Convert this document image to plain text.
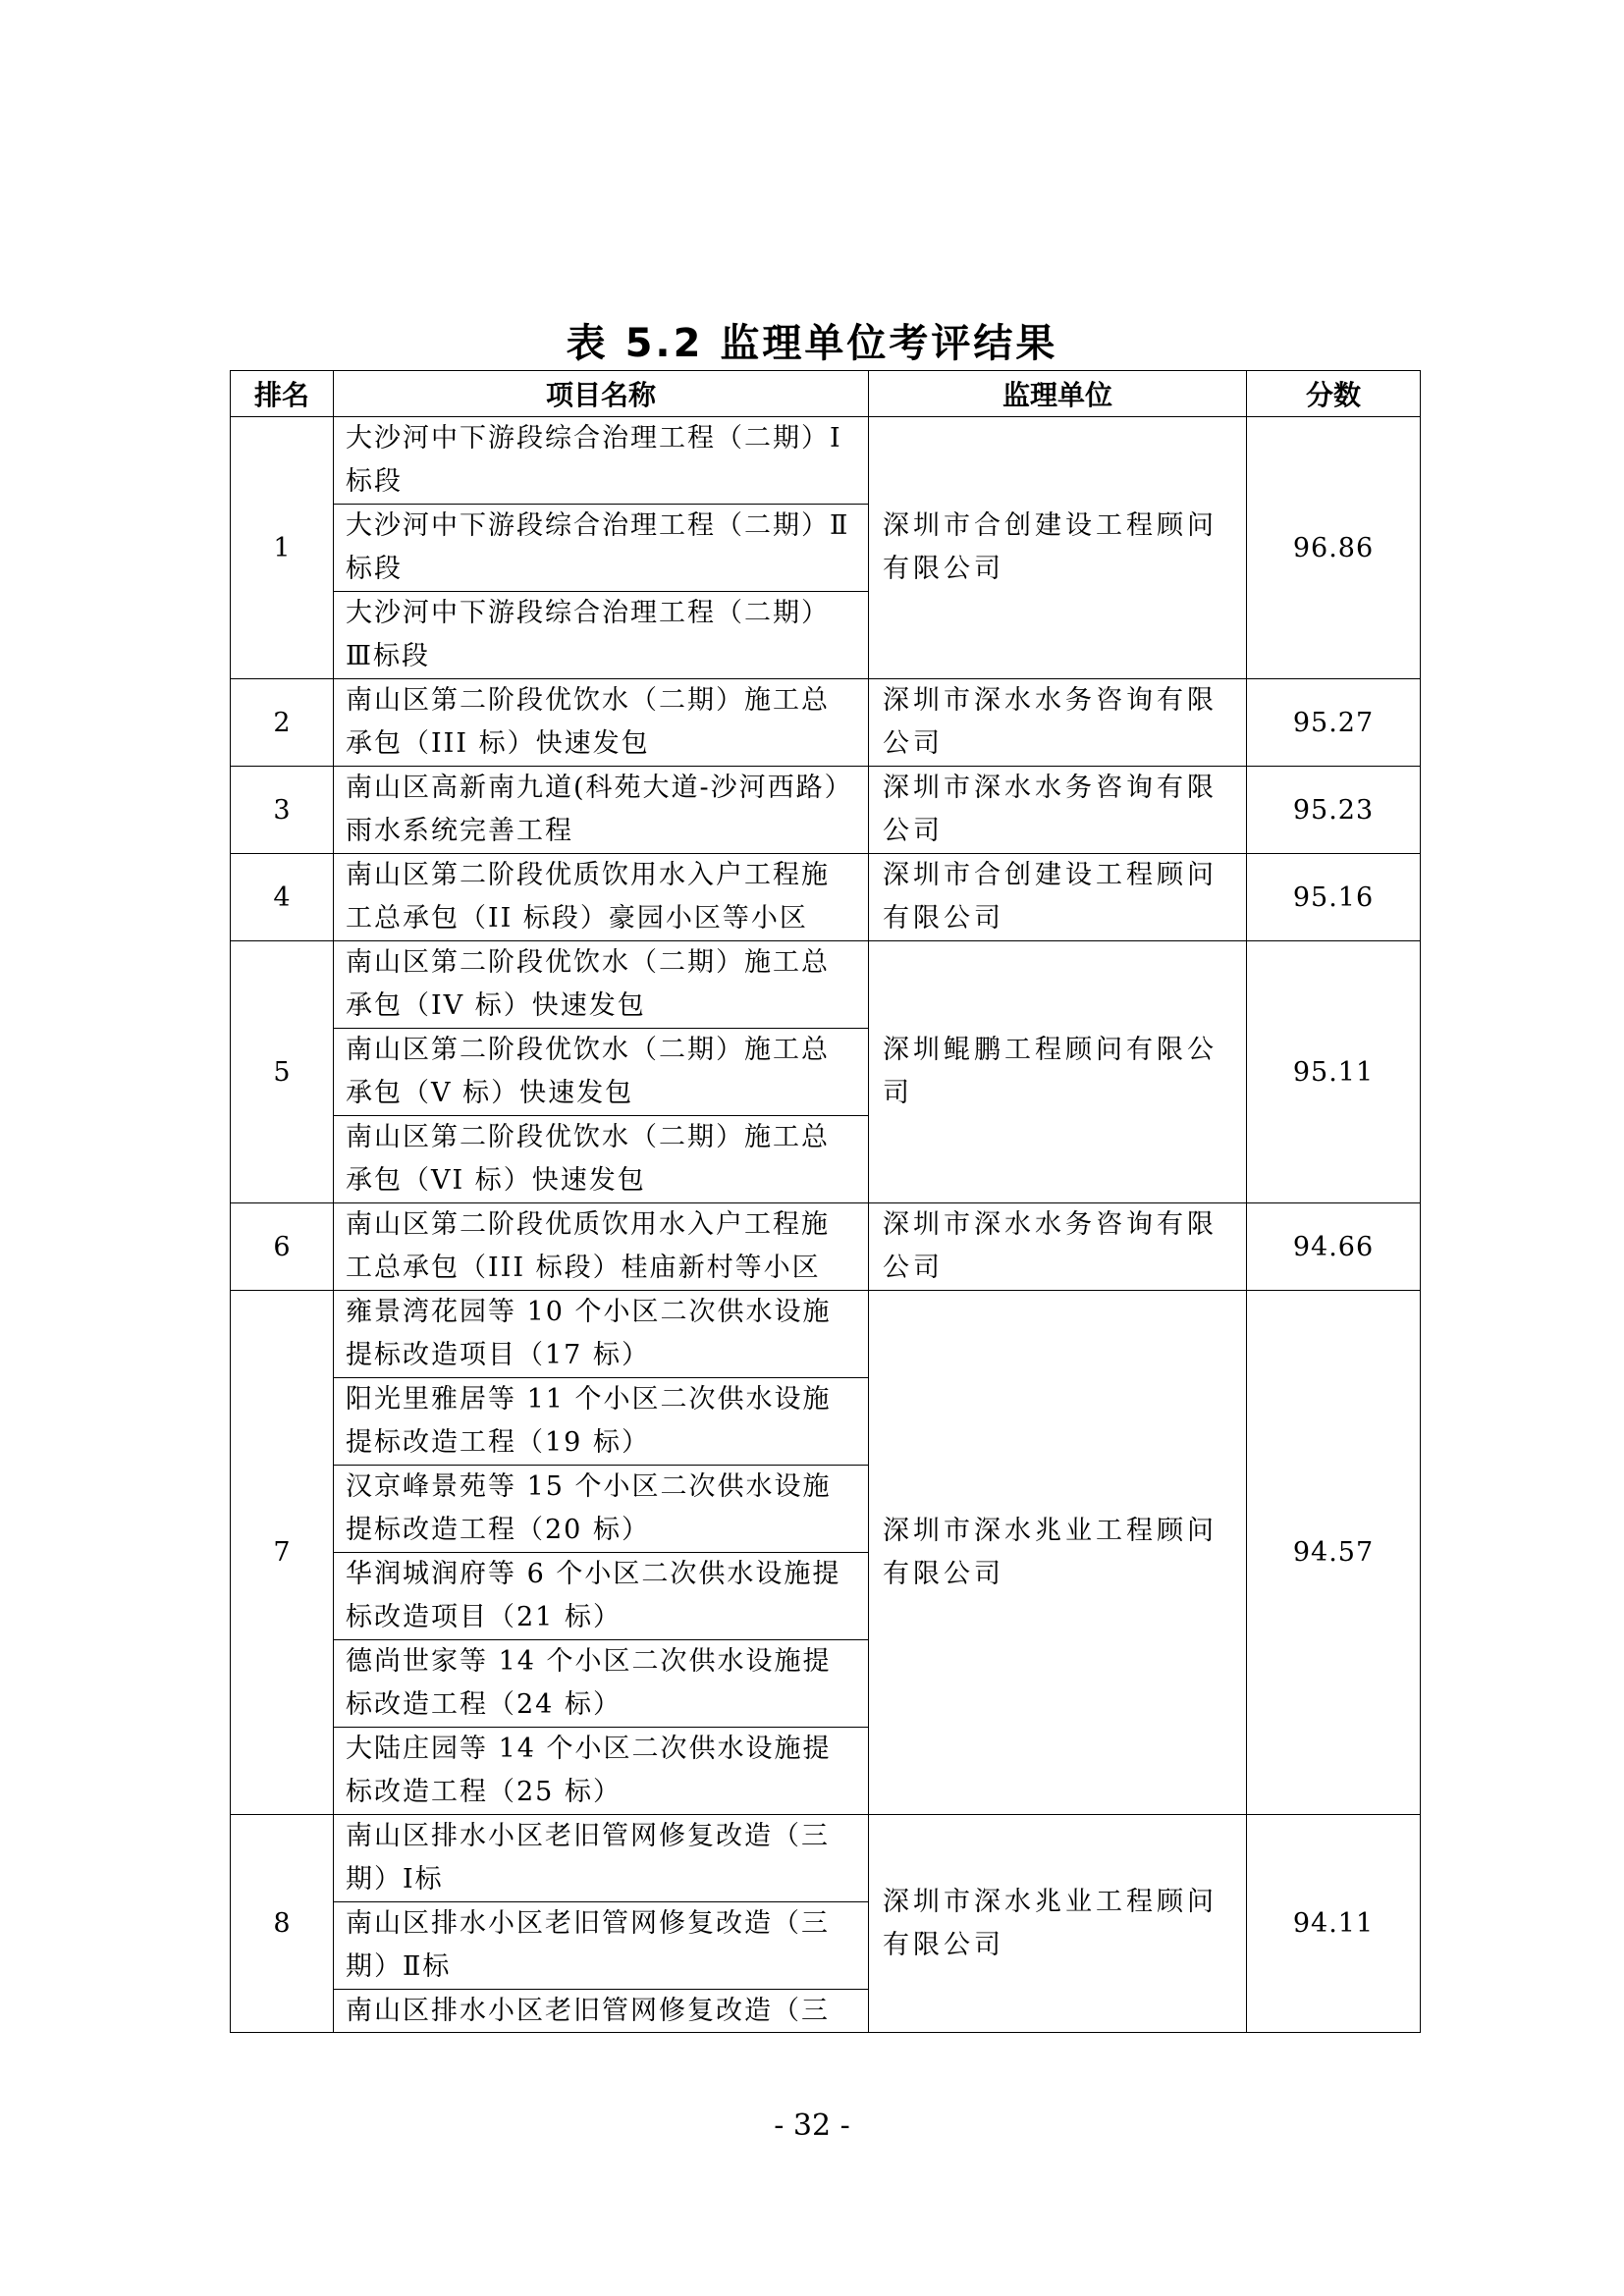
表 5.2 监理单位考评结果
排名	项目名称	监理单位	分数
1	大沙河中下游段综合治理工程（二期）Ⅰ标段	深圳市合创建设工程顾问有限公司	96.86
	大沙河中下游段综合治理工程（二期）Ⅱ标段		
	大沙河中下游段综合治理工程（二期）Ⅲ标段		
2	南山区第二阶段优饮水（二期）施工总承包（III 标）快速发包	深圳市深水水务咨询有限公司	95.27
3	南山区高新南九道(科苑大道-沙河西路）雨水系统完善工程	深圳市深水水务咨询有限公司	95.23
4	南山区第二阶段优质饮用水入户工程施工总承包（II 标段）豪园小区等小区	深圳市合创建设工程顾问有限公司	95.16
5	南山区第二阶段优饮水（二期）施工总承包（IV 标）快速发包	深圳鲲鹏工程顾问有限公司	95.11
	南山区第二阶段优饮水（二期）施工总承包（V 标）快速发包		
	南山区第二阶段优饮水（二期）施工总承包（VI 标）快速发包		
6	南山区第二阶段优质饮用水入户工程施工总承包（III 标段）桂庙新村等小区	深圳市深水水务咨询有限公司	94.66
7	雍景湾花园等 10 个小区二次供水设施提标改造项目（17 标）	深圳市深水兆业工程顾问有限公司	94.57
	阳光里雅居等 11 个小区二次供水设施提标改造工程（19 标）		
	汉京峰景苑等 15 个小区二次供水设施提标改造工程（20 标）		
	华润城润府等 6 个小区二次供水设施提标改造项目（21 标）		
	德尚世家等 14 个小区二次供水设施提标改造工程（24 标）		
	大陆庄园等 14 个小区二次供水设施提标改造工程（25 标）		
8	南山区排水小区老旧管网修复改造（三期）Ⅰ标	深圳市深水兆业工程顾问有限公司	94.11
	南山区排水小区老旧管网修复改造（三期）Ⅱ标		

	南山区排水小区老旧管网修复改造（三		
- 32 -
